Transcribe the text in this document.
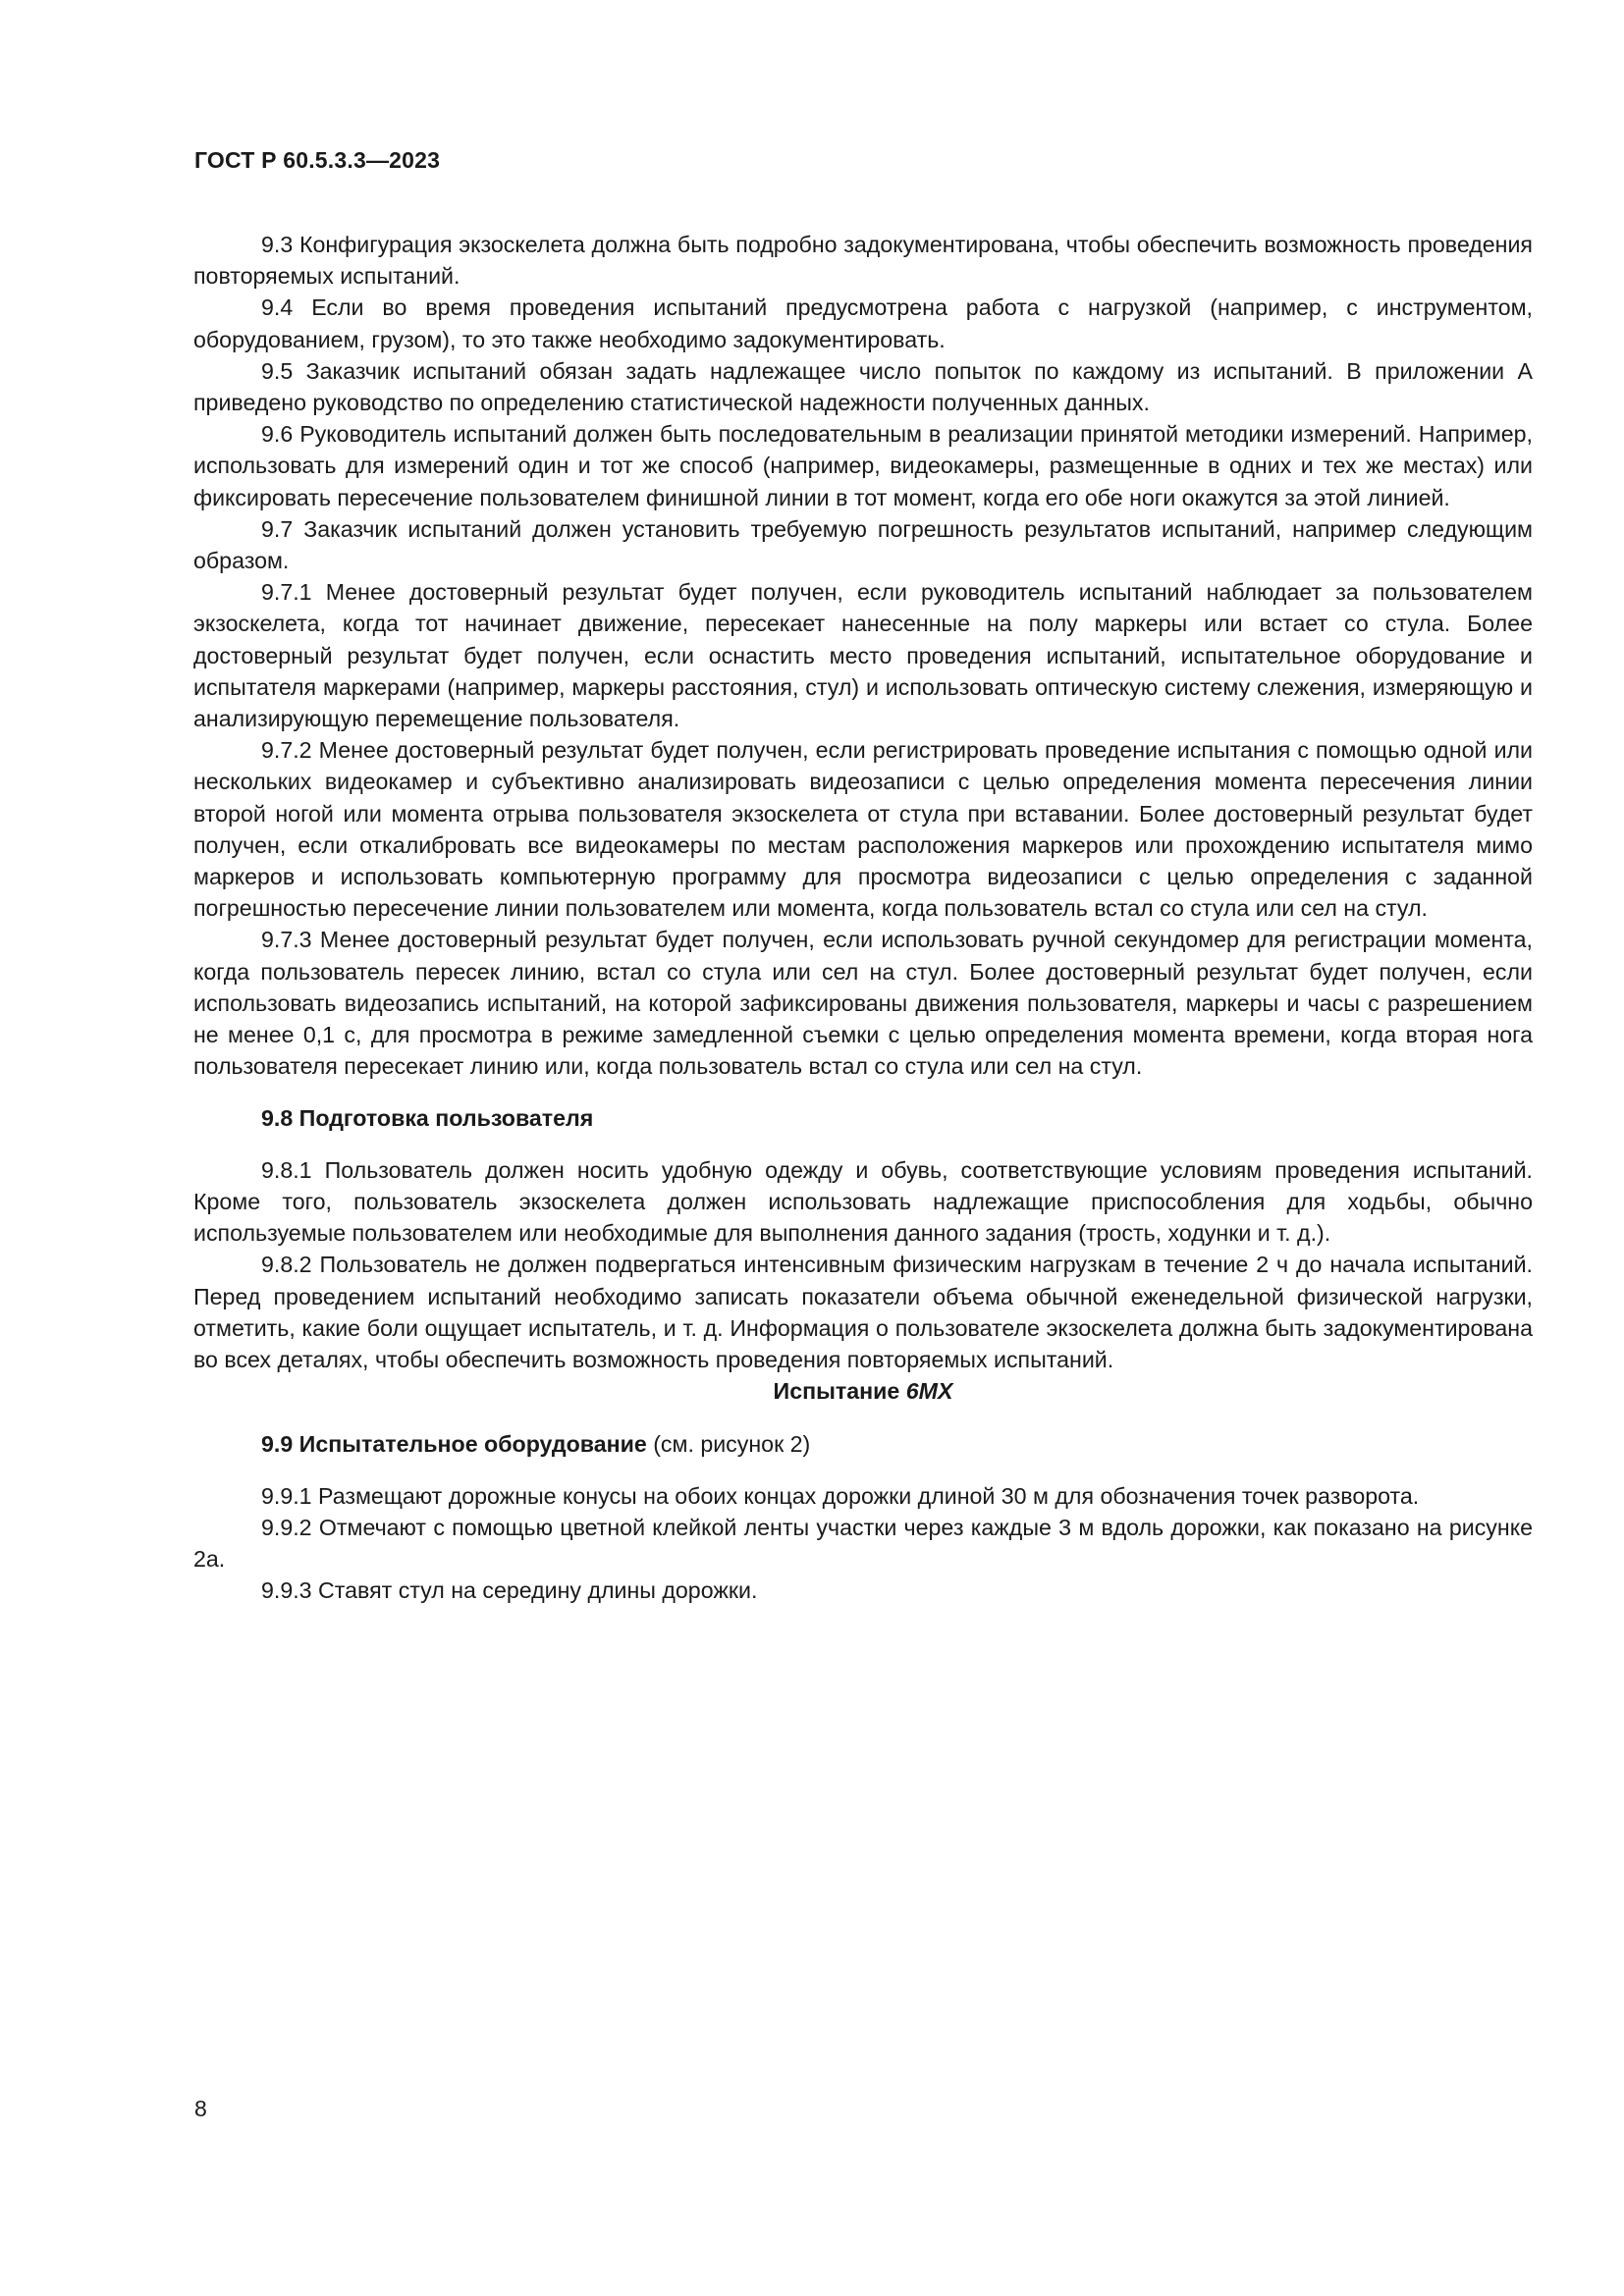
ГОСТ Р 60.5.3.3—2023

9.3 Конфигурация экзоскелета должна быть подробно задокументирована, чтобы обеспечить возможность проведения повторяемых испытаний.

9.4 Если во время проведения испытаний предусмотрена работа с нагрузкой (например, с инструментом, оборудованием, грузом), то это также необходимо задокументировать.

9.5 Заказчик испытаний обязан задать надлежащее число попыток по каждому из испытаний. В приложении А приведено руководство по определению статистической надежности полученных данных.

9.6 Руководитель испытаний должен быть последовательным в реализации принятой методики измерений. Например, использовать для измерений один и тот же способ (например, видеокамеры, размещенные в одних и тех же местах) или фиксировать пересечение пользователем финишной линии в тот момент, когда его обе ноги окажутся за этой линией.

9.7 Заказчик испытаний должен установить требуемую погрешность результатов испытаний, например следующим образом.

9.7.1 Менее достоверный результат будет получен, если руководитель испытаний наблюдает за пользователем экзоскелета, когда тот начинает движение, пересекает нанесенные на полу маркеры или встает со стула. Более достоверный результат будет получен, если оснастить место проведения испытаний, испытательное оборудование и испытателя маркерами (например, маркеры расстояния, стул) и использовать оптическую систему слежения, измеряющую и анализирующую перемещение пользователя.

9.7.2 Менее достоверный результат будет получен, если регистрировать проведение испытания с помощью одной или нескольких видеокамер и субъективно анализировать видеозаписи с целью определения момента пересечения линии второй ногой или момента отрыва пользователя экзоскелета от стула при вставании. Более достоверный результат будет получен, если откалибровать все видеокамеры по местам расположения маркеров или прохождению испытателя мимо маркеров и использовать компьютерную программу для просмотра видеозаписи с целью определения с заданной погрешностью пересечение линии пользователем или момента, когда пользователь встал со стула или сел на стул.

9.7.3 Менее достоверный результат будет получен, если использовать ручной секундомер для регистрации момента, когда пользователь пересек линию, встал со стула или сел на стул. Более достоверный результат будет получен, если использовать видеозапись испытаний, на которой зафиксированы движения пользователя, маркеры и часы с разрешением не менее 0,1 с, для просмотра в режиме замедленной съемки с целью определения момента времени, когда вторая нога пользователя пересекает линию или, когда пользователь встал со стула или сел на стул.

9.8 Подготовка пользователя

9.8.1 Пользователь должен носить удобную одежду и обувь, соответствующие условиям проведения испытаний. Кроме того, пользователь экзоскелета должен использовать надлежащие приспособления для ходьбы, обычно используемые пользователем или необходимые для выполнения данного задания (трость, ходунки и т. д.).

9.8.2 Пользователь не должен подвергаться интенсивным физическим нагрузкам в течение 2 ч до начала испытаний. Перед проведением испытаний необходимо записать показатели объема обычной еженедельной физической нагрузки, отметить, какие боли ощущает испытатель, и т. д. Информация о пользователе экзоскелета должна быть задокументирована во всех деталях, чтобы обеспечить возможность проведения повторяемых испытаний.

Испытание 6МХ
9.9 Испытательное оборудование (см. рисунок 2)

9.9.1 Размещают дорожные конусы на обоих концах дорожки длиной 30 м для обозначения точек разворота.

9.9.2 Отмечают с помощью цветной клейкой ленты участки через каждые 3 м вдоль дорожки, как показано на рисунке 2а.

9.9.3 Ставят стул на середину длины дорожки.

8
